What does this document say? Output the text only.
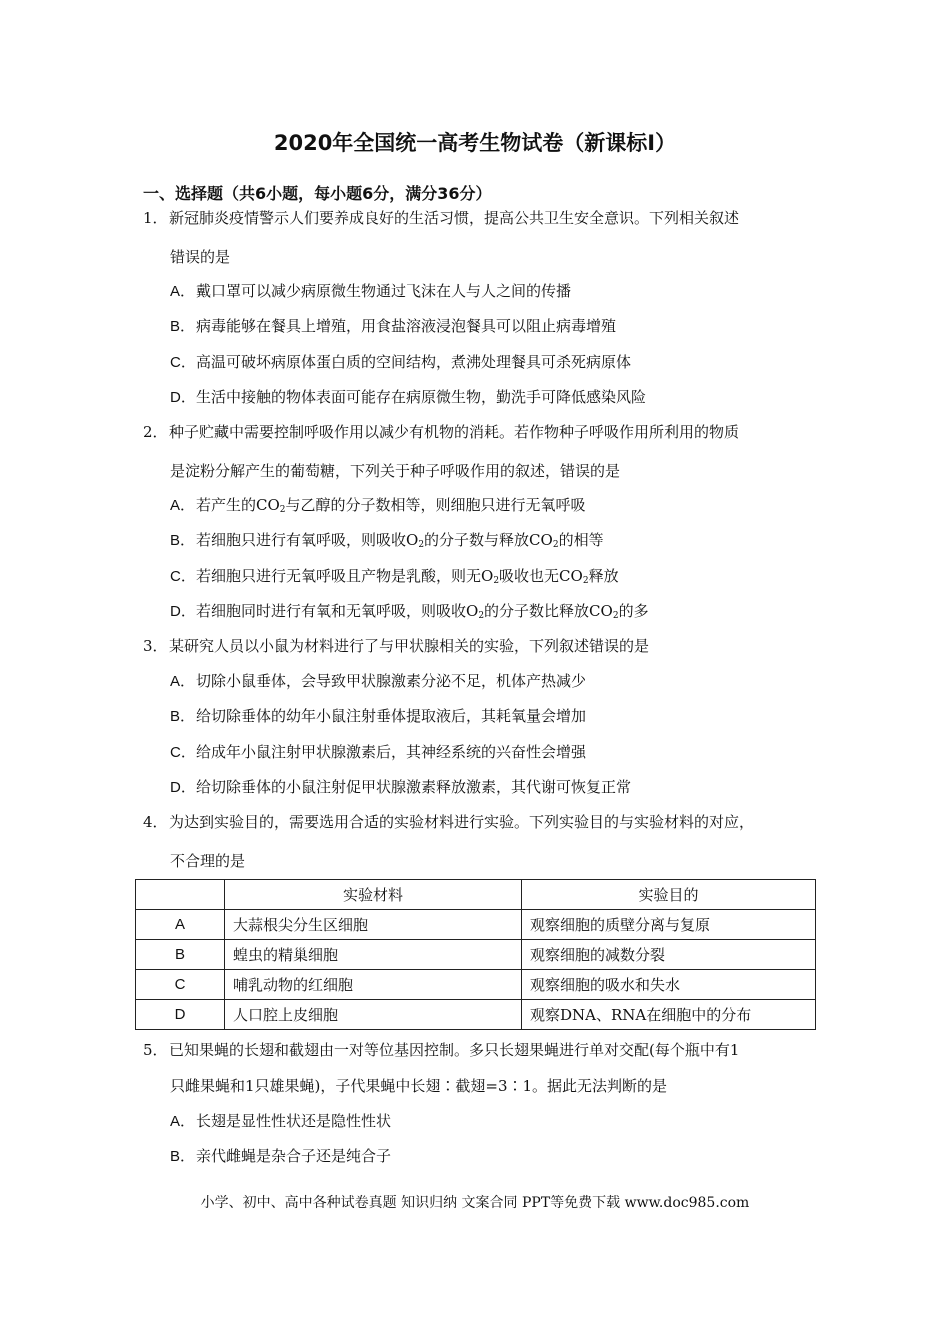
2020年全国统一高考生物试卷（新课标Ⅰ）
一、选择题（共6小题，每小题6分，满分36分）
1．新冠肺炎疫情警示人们要养成良好的生活习惯，提高公共卫生安全意识。下列相关叙述
错误的是
A．戴口罩可以减少病原微生物通过飞沫在人与人之间的传播
B．病毒能够在餐具上增殖，用食盐溶液浸泡餐具可以阻止病毒增殖
C．高温可破坏病原体蛋白质的空间结构，煮沸处理餐具可杀死病原体
D．生活中接触的物体表面可能存在病原微生物，勤洗手可降低感染风险
2．种子贮藏中需要控制呼吸作用以减少有机物的消耗。若作物种子呼吸作用所利用的物质
是淀粉分解产生的葡萄糖，下列关于种子呼吸作用的叙述，错误的是
A．若产生的$CO_2$与乙醇的分子数相等，则细胞只进行无氧呼吸
B．若细胞只进行有氧呼吸，则吸收$O_2$的分子数与释放$CO_2$的相等
C．若细胞只进行无氧呼吸且产物是乳酸，则无$O_2$吸收也无$CO_2$释放
D．若细胞同时进行有氧和无氧呼吸，则吸收$O_2$的分子数比释放$CO_2$的多
3．某研究人员以小鼠为材料进行了与甲状腺相关的实验，下列叙述错误的是
A．切除小鼠垂体，会导致甲状腺激素分泌不足，机体产热减少
B．给切除垂体的幼年小鼠注射垂体提取液后，其耗氧量会增加
C．给成年小鼠注射甲状腺激素后，其神经系统的兴奋性会增强
D．给切除垂体的小鼠注射促甲状腺激素释放激素，其代谢可恢复正常
4．为达到实验目的，需要选用合适的实验材料进行实验。下列实验目的与实验材料的对应，
不合理的是
	实验材料	实验目的
A	大蒜根尖分生区细胞	观察细胞的质壁分离与复原
B	蝗虫的精巢细胞	观察细胞的减数分裂
C	哺乳动物的红细胞	观察细胞的吸水和失水
D	人口腔上皮细胞	观察DNA、RNA在细胞中的分布
5．已知果蝇的长翅和截翅由一对等位基因控制。多只长翅果蝇进行单对交配(每个瓶中有1
只雌果蝇和1只雄果蝇)，子代果蝇中长翅∶截翅=3∶1。据此无法判断的是
A．长翅是显性性状还是隐性性状
B．亲代雌蝇是杂合子还是纯合子
小学、初中、高中各种试卷真题 知识归纳 文案合同 PPT等免费下载 www.doc985.com
